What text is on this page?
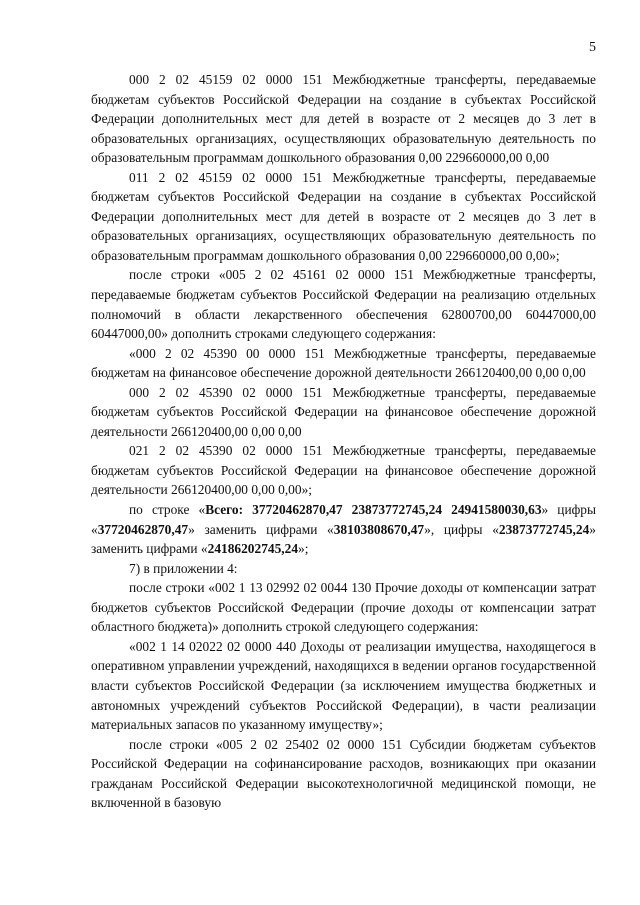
5

000 2 02 45159 02 0000 151 Межбюджетные трансферты, передаваемые бюджетам субъектов Российской Федерации на создание в субъектах Российской Федерации дополнительных мест для детей в возрасте от 2 месяцев до 3 лет в образовательных организациях, осуществляющих образовательную деятельность по образовательным программам дошкольного образования 0,00 229660000,00 0,00

011 2 02 45159 02 0000 151 Межбюджетные трансферты, передаваемые бюджетам субъектов Российской Федерации на создание в субъектах Российской Федерации дополнительных мест для детей в возрасте от 2 месяцев до 3 лет в образовательных организациях, осуществляющих образовательную деятельность по образовательным программам дошкольного образования 0,00 229660000,00 0,00»;

после строки «005 2 02 45161 02 0000 151 Межбюджетные трансферты, передаваемые бюджетам субъектов Российской Федерации на реализацию отдельных полномочий в области лекарственного обеспечения 62800700,00 60447000,00 60447000,00» дополнить строками следующего содержания:

«000 2 02 45390 00 0000 151 Межбюджетные трансферты, передаваемые бюджетам на финансовое обеспечение дорожной деятельности 266120400,00 0,00 0,00

000 2 02 45390 02 0000 151 Межбюджетные трансферты, передаваемые бюджетам субъектов Российской Федерации на финансовое обеспечение дорожной деятельности 266120400,00 0,00 0,00

021 2 02 45390 02 0000 151 Межбюджетные трансферты, передаваемые бюджетам субъектов Российской Федерации на финансовое обеспечение дорожной деятельности 266120400,00 0,00 0,00»;

по строке «Всего: 37720462870,47 23873772745,24 24941580030,63» цифры «37720462870,47» заменить цифрами «38103808670,47», цифры «23873772745,24» заменить цифрами «24186202745,24»;

7) в приложении 4:

после строки «002 1 13 02992 02 0044 130 Прочие доходы от компенсации затрат бюджетов субъектов Российской Федерации (прочие доходы от компенсации затрат областного бюджета)» дополнить строкой следующего содержания:

«002 1 14 02022 02 0000 440 Доходы от реализации имущества, находящегося в оперативном управлении учреждений, находящихся в ведении органов государственной власти субъектов Российской Федерации (за исключением имущества бюджетных и автономных учреждений субъектов Российской Федерации), в части реализации материальных запасов по указанному имуществу»;

после строки «005 2 02 25402 02 0000 151 Субсидии бюджетам субъектов Российской Федерации на софинансирование расходов, возникающих при оказании гражданам Российской Федерации высокотехнологичной медицинской помощи, не включенной в базовую
